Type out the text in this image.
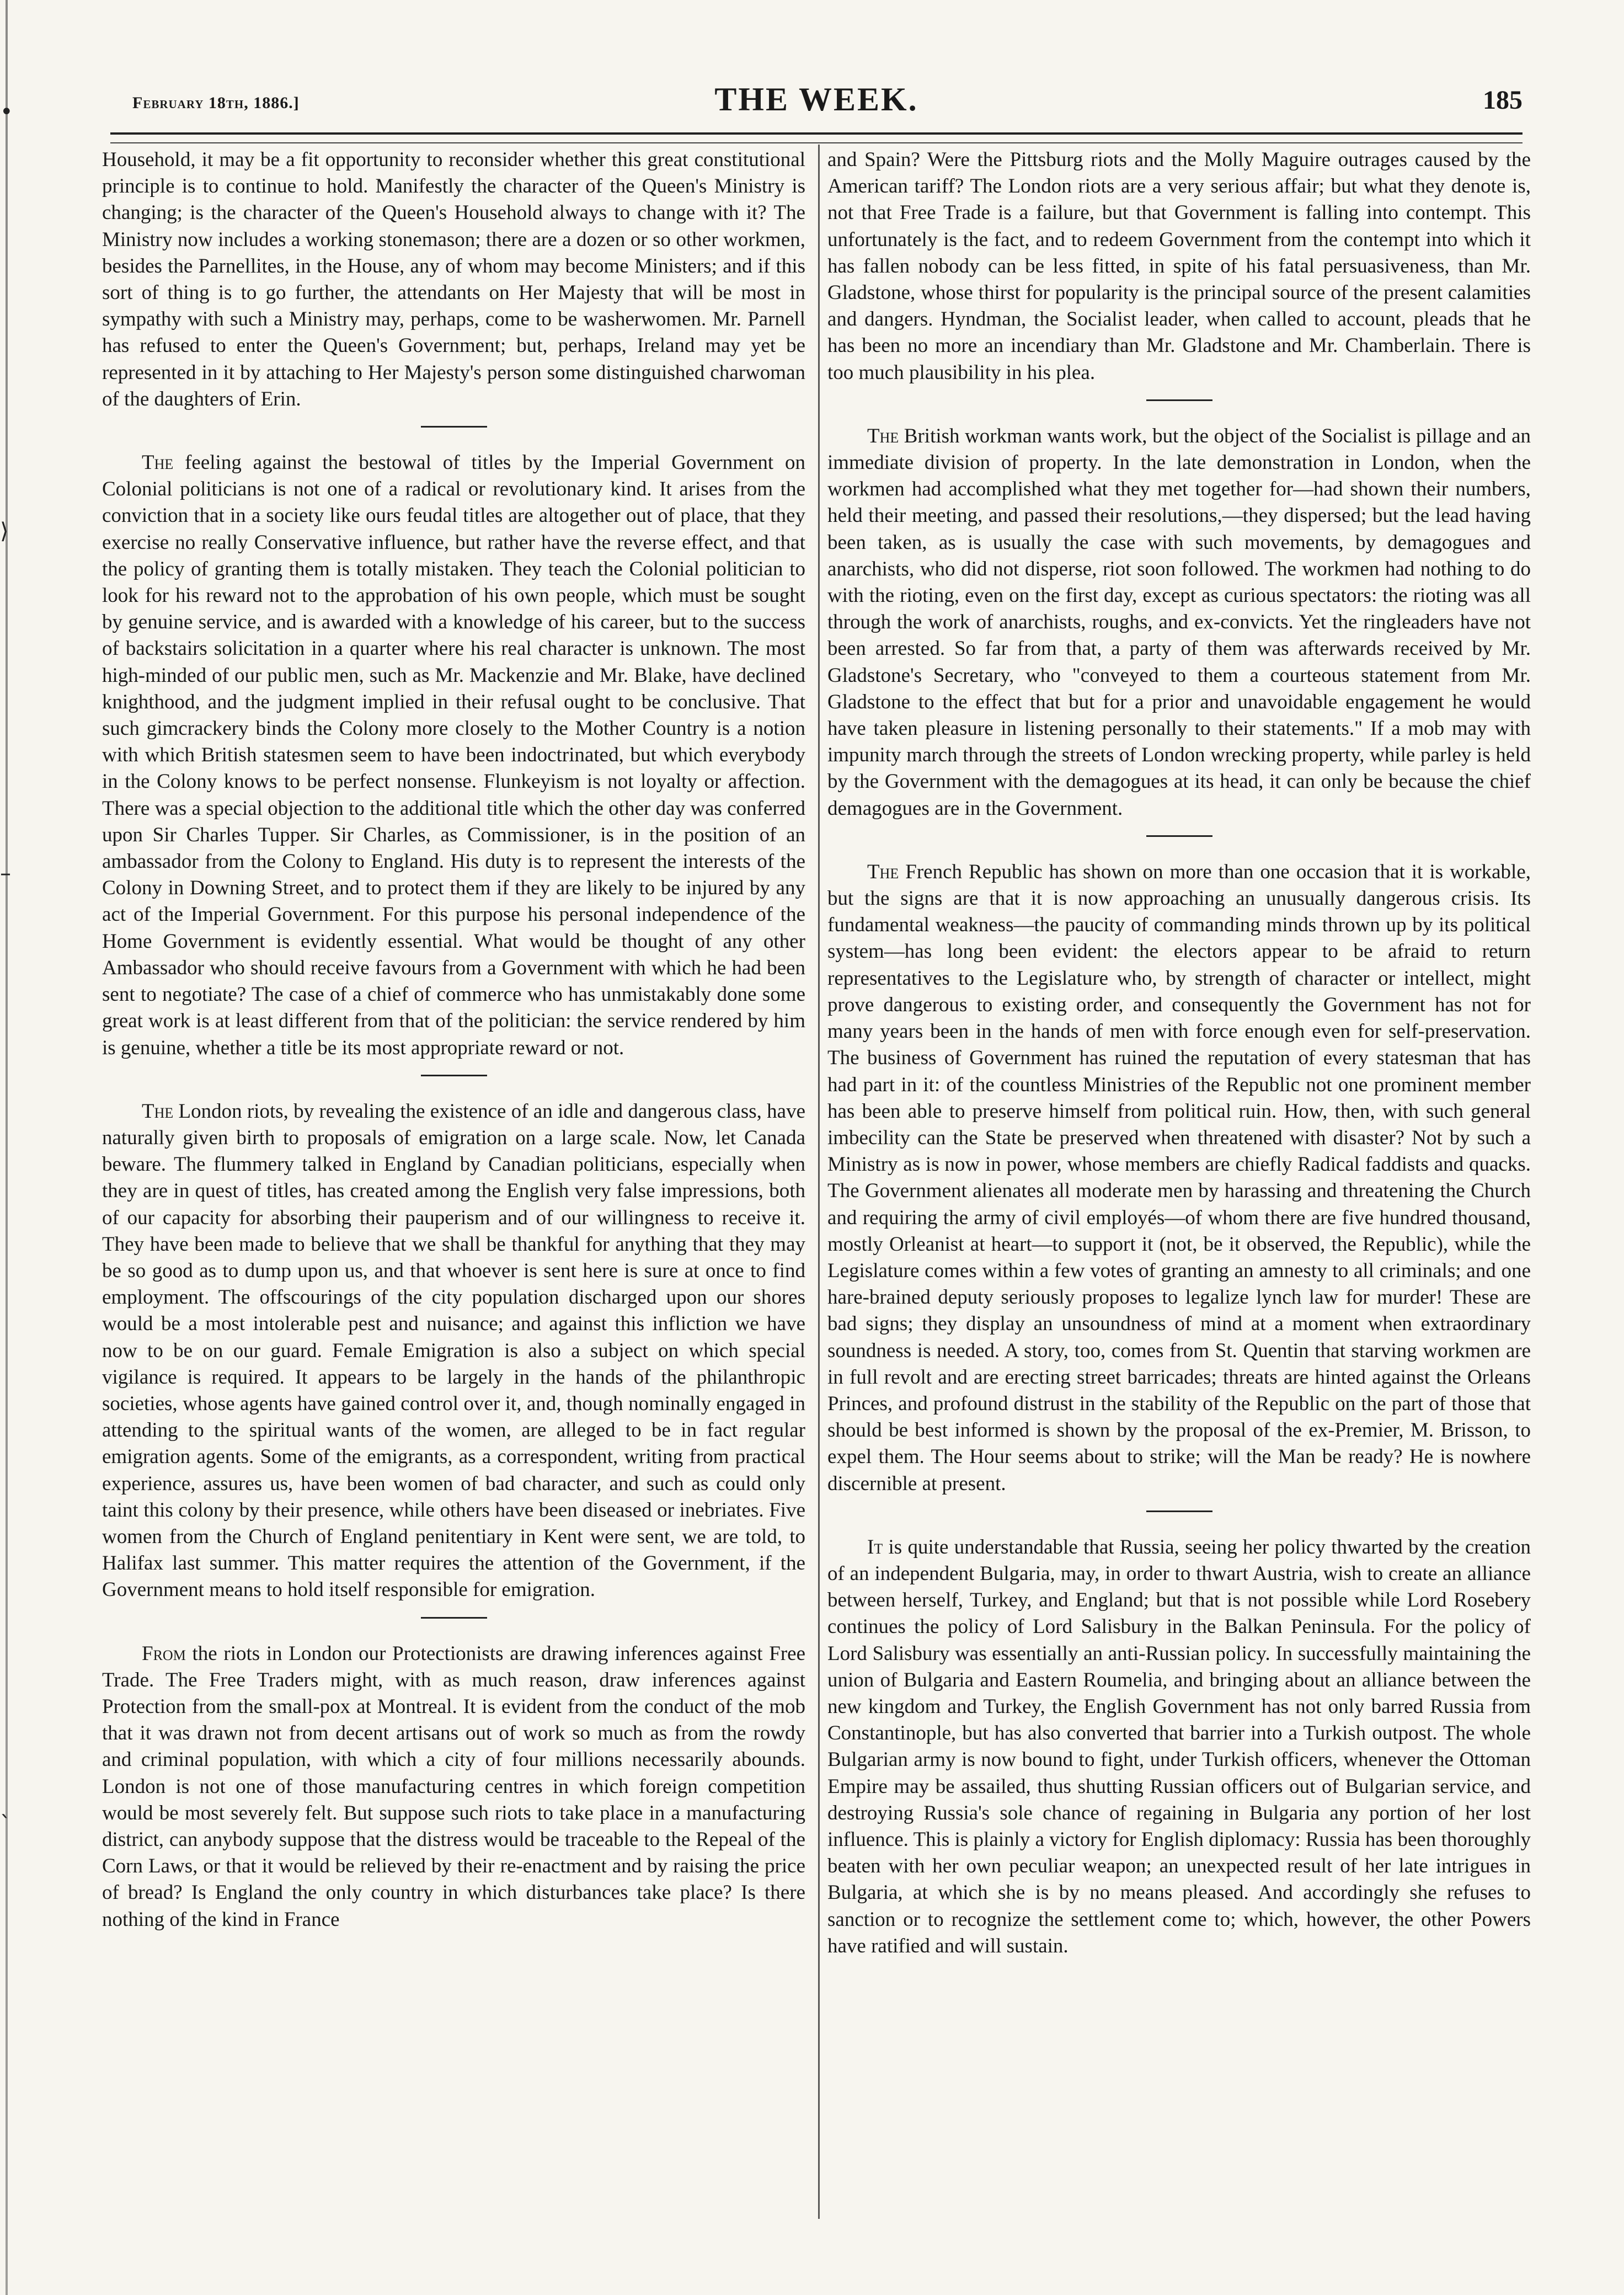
•
⟩
–
ˎ
February 18th, 1886.]	THE WEEK.	185

Household, it may be a fit opportunity to reconsider whether this great constitutional principle is to continue to hold. Manifestly the character of the Queen's Ministry is changing; is the character of the Queen's Household always to change with it? The Ministry now includes a working stonemason; there are a dozen or so other workmen, besides the Parnellites, in the House, any of whom may become Ministers; and if this sort of thing is to go further, the attendants on Her Majesty that will be most in sympathy with such a Ministry may, perhaps, come to be washerwomen. Mr. Parnell has refused to enter the Queen's Government; but, perhaps, Ireland may yet be represented in it by attaching to Her Majesty's person some distinguished charwoman of the daughters of Erin.

The feeling against the bestowal of titles by the Imperial Government on Colonial politicians is not one of a radical or revolutionary kind. It arises from the conviction that in a society like ours feudal titles are altogether out of place, that they exercise no really Conservative influence, but rather have the reverse effect, and that the policy of granting them is totally mistaken. They teach the Colonial politician to look for his reward not to the approbation of his own people, which must be sought by genuine service, and is awarded with a knowledge of his career, but to the success of backstairs solicitation in a quarter where his real character is unknown. The most high-minded of our public men, such as Mr. Mackenzie and Mr. Blake, have declined knighthood, and the judgment implied in their refusal ought to be conclusive. That such gimcrackery binds the Colony more closely to the Mother Country is a notion with which British statesmen seem to have been indoctrinated, but which everybody in the Colony knows to be perfect nonsense. Flunkeyism is not loyalty or affection. There was a special objection to the additional title which the other day was conferred upon Sir Charles Tupper. Sir Charles, as Commissioner, is in the position of an ambassador from the Colony to England. His duty is to represent the interests of the Colony in Downing Street, and to protect them if they are likely to be injured by any act of the Imperial Government. For this purpose his personal independence of the Home Government is evidently essential. What would be thought of any other Ambassador who should receive favours from a Government with which he had been sent to negotiate? The case of a chief of commerce who has unmistakably done some great work is at least different from that of the politician: the service rendered by him is genuine, whether a title be its most appropriate reward or not.

The London riots, by revealing the existence of an idle and dangerous class, have naturally given birth to proposals of emigration on a large scale. Now, let Canada beware. The flummery talked in England by Canadian politicians, especially when they are in quest of titles, has created among the English very false impressions, both of our capacity for absorbing their pauperism and of our willingness to receive it. They have been made to believe that we shall be thankful for anything that they may be so good as to dump upon us, and that whoever is sent here is sure at once to find employment. The offscourings of the city population discharged upon our shores would be a most intolerable pest and nuisance; and against this infliction we have now to be on our guard. Female Emigration is also a subject on which special vigilance is required. It appears to be largely in the hands of the philanthropic societies, whose agents have gained control over it, and, though nominally engaged in attending to the spiritual wants of the women, are alleged to be in fact regular emigration agents. Some of the emigrants, as a correspondent, writing from practical experience, assures us, have been women of bad character, and such as could only taint this colony by their presence, while others have been diseased or inebriates. Five women from the Church of England penitentiary in Kent were sent, we are told, to Halifax last summer. This matter requires the attention of the Government, if the Government means to hold itself responsible for emigration.

From the riots in London our Protectionists are drawing inferences against Free Trade. The Free Traders might, with as much reason, draw inferences against Protection from the small-pox at Montreal. It is evident from the conduct of the mob that it was drawn not from decent artisans out of work so much as from the rowdy and criminal population, with which a city of four millions necessarily abounds. London is not one of those manufacturing centres in which foreign competition would be most severely felt. But suppose such riots to take place in a manufacturing district, can anybody suppose that the distress would be traceable to the Repeal of the Corn Laws, or that it would be relieved by their re-enactment and by raising the price of bread? Is England the only country in which disturbances take place? Is there nothing of the kind in France

and Spain? Were the Pittsburg riots and the Molly Maguire outrages caused by the American tariff? The London riots are a very serious affair; but what they denote is, not that Free Trade is a failure, but that Government is falling into contempt. This unfortunately is the fact, and to redeem Government from the contempt into which it has fallen nobody can be less fitted, in spite of his fatal persuasiveness, than Mr. Gladstone, whose thirst for popularity is the principal source of the present calamities and dangers. Hyndman, the Socialist leader, when called to account, pleads that he has been no more an incendiary than Mr. Gladstone and Mr. Chamberlain. There is too much plausibility in his plea.

The British workman wants work, but the object of the Socialist is pillage and an immediate division of property. In the late demonstration in London, when the workmen had accomplished what they met together for—had shown their numbers, held their meeting, and passed their resolutions,—they dispersed; but the lead having been taken, as is usually the case with such movements, by demagogues and anarchists, who did not disperse, riot soon followed. The workmen had nothing to do with the rioting, even on the first day, except as curious spectators: the rioting was all through the work of anarchists, roughs, and ex-convicts. Yet the ringleaders have not been arrested. So far from that, a party of them was afterwards received by Mr. Gladstone's Secretary, who "conveyed to them a courteous statement from Mr. Gladstone to the effect that but for a prior and unavoidable engagement he would have taken pleasure in listening personally to their statements." If a mob may with impunity march through the streets of London wrecking property, while parley is held by the Government with the demagogues at its head, it can only be because the chief demagogues are in the Government.

The French Republic has shown on more than one occasion that it is workable, but the signs are that it is now approaching an unusually dangerous crisis. Its fundamental weakness—the paucity of commanding minds thrown up by its political system—has long been evident: the electors appear to be afraid to return representatives to the Legislature who, by strength of character or intellect, might prove dangerous to existing order, and consequently the Government has not for many years been in the hands of men with force enough even for self-preservation. The business of Government has ruined the reputation of every statesman that has had part in it: of the countless Ministries of the Republic not one prominent member has been able to preserve himself from political ruin. How, then, with such general imbecility can the State be preserved when threatened with disaster? Not by such a Ministry as is now in power, whose members are chiefly Radical faddists and quacks. The Government alienates all moderate men by harassing and threatening the Church and requiring the army of civil employés—of whom there are five hundred thousand, mostly Orleanist at heart—to support it (not, be it observed, the Republic), while the Legislature comes within a few votes of granting an amnesty to all criminals; and one hare-brained deputy seriously proposes to legalize lynch law for murder! These are bad signs; they display an unsoundness of mind at a moment when extraordinary soundness is needed. A story, too, comes from St. Quentin that starving workmen are in full revolt and are erecting street barricades; threats are hinted against the Orleans Princes, and profound distrust in the stability of the Republic on the part of those that should be best informed is shown by the proposal of the ex-Premier, M. Brisson, to expel them. The Hour seems about to strike; will the Man be ready? He is nowhere discernible at present.

It is quite understandable that Russia, seeing her policy thwarted by the creation of an independent Bulgaria, may, in order to thwart Austria, wish to create an alliance between herself, Turkey, and England; but that is not possible while Lord Rosebery continues the policy of Lord Salisbury in the Balkan Peninsula. For the policy of Lord Salisbury was essentially an anti-Russian policy. In successfully maintaining the union of Bulgaria and Eastern Roumelia, and bringing about an alliance between the new kingdom and Turkey, the English Government has not only barred Russia from Constantinople, but has also converted that barrier into a Turkish outpost. The whole Bulgarian army is now bound to fight, under Turkish officers, whenever the Ottoman Empire may be assailed, thus shutting Russian officers out of Bulgarian service, and destroying Russia's sole chance of regaining in Bulgaria any portion of her lost influence. This is plainly a victory for English diplomacy: Russia has been thoroughly beaten with her own peculiar weapon; an unexpected result of her late intrigues in Bulgaria, at which she is by no means pleased. And accordingly she refuses to sanction or to recognize the settlement come to; which, however, the other Powers have ratified and will sustain.
